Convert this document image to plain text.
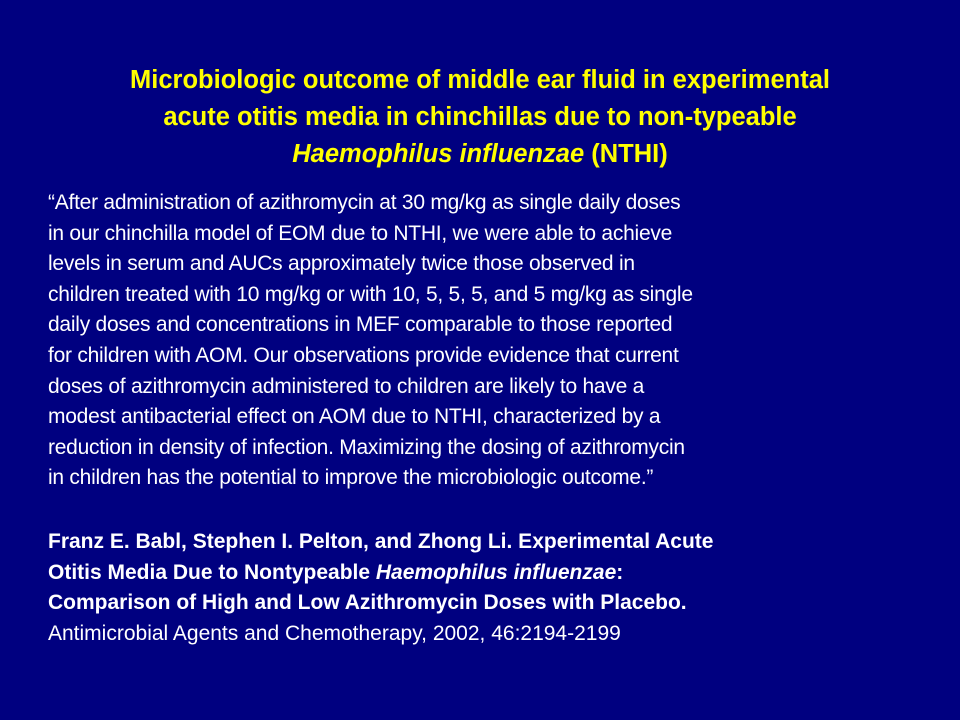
Microbiologic outcome of middle ear fluid in experimental
acute otitis media in chinchillas due to non-typeable
Haemophilus influenzae (NTHI)
“After administration of azithromycin at 30 mg/kg as single daily doses
in our chinchilla model of EOM due to NTHI, we were able to achieve
levels in serum and AUCs approximately twice those observed in
children treated with 10 mg/kg or with 10, 5, 5, 5, and 5 mg/kg as single
daily doses and concentrations in MEF comparable to those reported
for children with AOM. Our observations provide evidence that current
doses of azithromycin administered to children are likely to have a
modest antibacterial effect on AOM due to NTHI, characterized by a
reduction in density of infection. Maximizing the dosing of azithromycin
in children has the potential to improve the microbiologic outcome.”
Franz E. Babl, Stephen I. Pelton, and Zhong Li. Experimental Acute
Otitis Media Due to Nontypeable Haemophilus influenzae:
Comparison of High and Low Azithromycin Doses with Placebo.
Antimicrobial Agents and Chemotherapy, 2002, 46:2194-2199
